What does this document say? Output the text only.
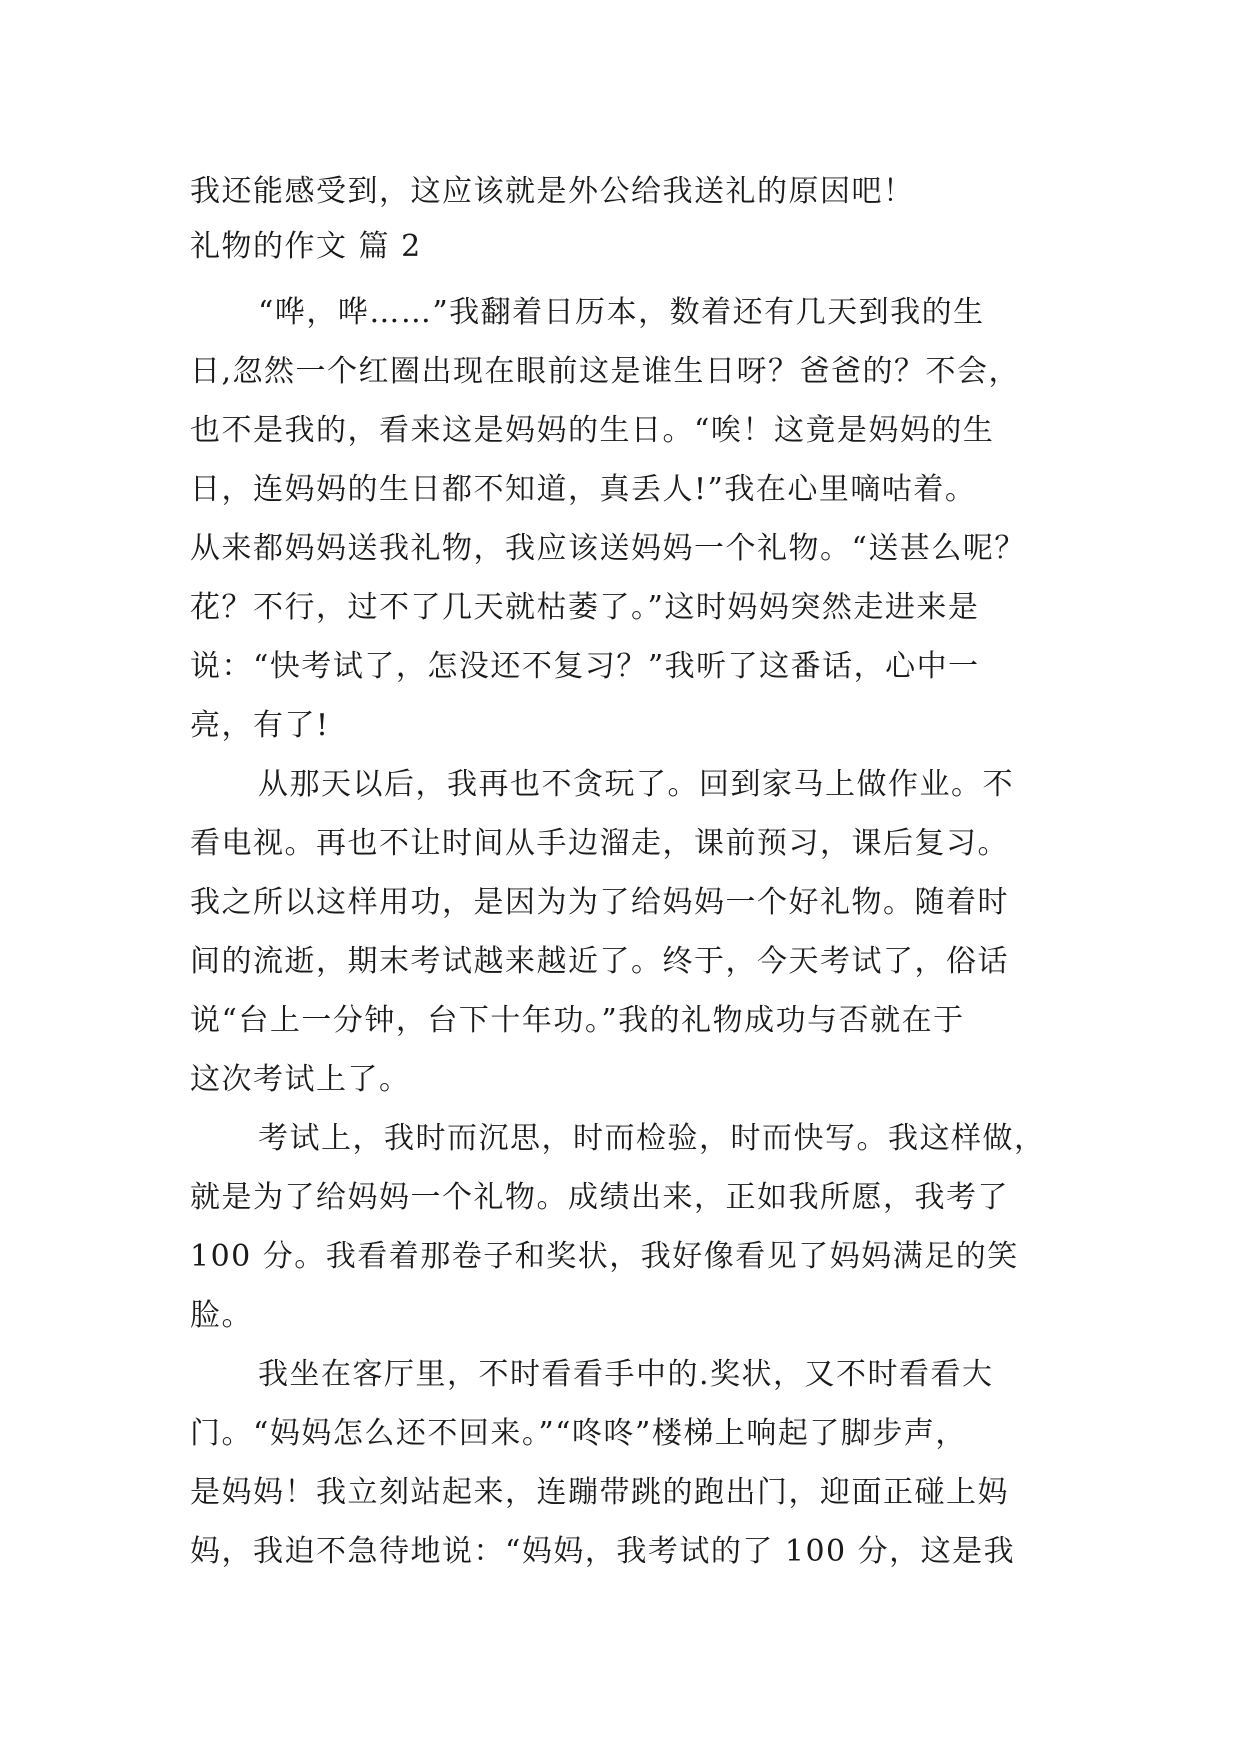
我还能感受到，这应该就是外公给我送礼的原因吧！
礼物的作文 篇 2
“哗，哗……”我翻着日历本，数着还有几天到我的生
日,忽然一个红圈出现在眼前这是谁生日呀？爸爸的？不会，
也不是我的，看来这是妈妈的生日。“唉！这竟是妈妈的生
日，连妈妈的生日都不知道，真丢人!”我在心里嘀咕着。
从来都妈妈送我礼物，我应该送妈妈一个礼物。“送甚么呢？
花？不行，过不了几天就枯萎了。”这时妈妈突然走进来是
说：“快考试了，怎没还不复习？”我听了这番话，心中一
亮，有了!
从那天以后，我再也不贪玩了。回到家马上做作业。不
看电视。再也不让时间从手边溜走，课前预习，课后复习。
我之所以这样用功，是因为为了给妈妈一个好礼物。随着时
间的流逝，期末考试越来越近了。终于，今天考试了，俗话
说“台上一分钟，台下十年功。”我的礼物成功与否就在于
这次考试上了。
考试上，我时而沉思，时而检验，时而快写。我这样做，
就是为了给妈妈一个礼物。成绩出来，正如我所愿，我考了
100 分。我看着那卷子和奖状，我好像看见了妈妈满足的笑
脸。
我坐在客厅里，不时看看手中的.奖状，又不时看看大
门。“妈妈怎么还不回来。”“咚咚”楼梯上响起了脚步声，
是妈妈！我立刻站起来，连蹦带跳的跑出门，迎面正碰上妈
妈，我迫不急待地说：“妈妈，我考试的了 100 分，这是我
